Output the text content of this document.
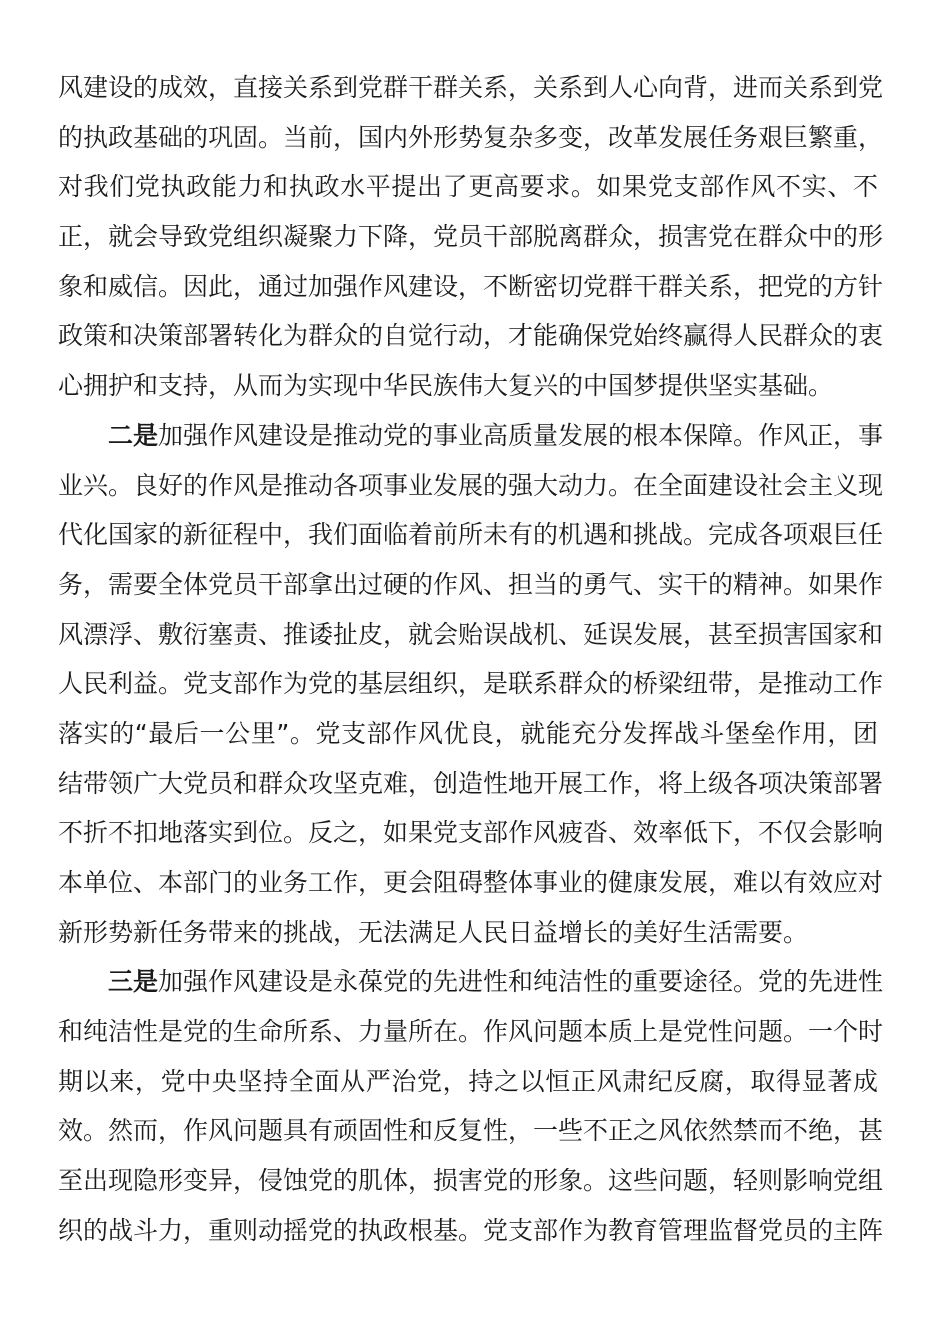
风建设的成效，直接关系到党群干群关系，关系到人心向背，进而关系到党
的执政基础的巩固。当前，国内外形势复杂多变，改革发展任务艰巨繁重，
对我们党执政能力和执政水平提出了更高要求。如果党支部作风不实、不
正，就会导致党组织凝聚力下降，党员干部脱离群众，损害党在群众中的形
象和威信。因此，通过加强作风建设，不断密切党群干群关系，把党的方针
政策和决策部署转化为群众的自觉行动，才能确保党始终赢得人民群众的衷
心拥护和支持，从而为实现中华民族伟大复兴的中国梦提供坚实基础。
二是加强作风建设是推动党的事业高质量发展的根本保障。作风正，事
业兴。良好的作风是推动各项事业发展的强大动力。在全面建设社会主义现
代化国家的新征程中，我们面临着前所未有的机遇和挑战。完成各项艰巨任
务，需要全体党员干部拿出过硬的作风、担当的勇气、实干的精神。如果作
风漂浮、敷衍塞责、推诿扯皮，就会贻误战机、延误发展，甚至损害国家和
人民利益。党支部作为党的基层组织，是联系群众的桥梁纽带，是推动工作
落实的“最后一公里”。党支部作风优良，就能充分发挥战斗堡垒作用，团
结带领广大党员和群众攻坚克难，创造性地开展工作，将上级各项决策部署
不折不扣地落实到位。反之，如果党支部作风疲沓、效率低下，不仅会影响
本单位、本部门的业务工作，更会阻碍整体事业的健康发展，难以有效应对
新形势新任务带来的挑战，无法满足人民日益增长的美好生活需要。
三是加强作风建设是永葆党的先进性和纯洁性的重要途径。党的先进性
和纯洁性是党的生命所系、力量所在。作风问题本质上是党性问题。一个时
期以来，党中央坚持全面从严治党，持之以恒正风肃纪反腐，取得显著成
效。然而，作风问题具有顽固性和反复性，一些不正之风依然禁而不绝，甚
至出现隐形变异，侵蚀党的肌体，损害党的形象。这些问题，轻则影响党组
织的战斗力，重则动摇党的执政根基。党支部作为教育管理监督党员的主阵
